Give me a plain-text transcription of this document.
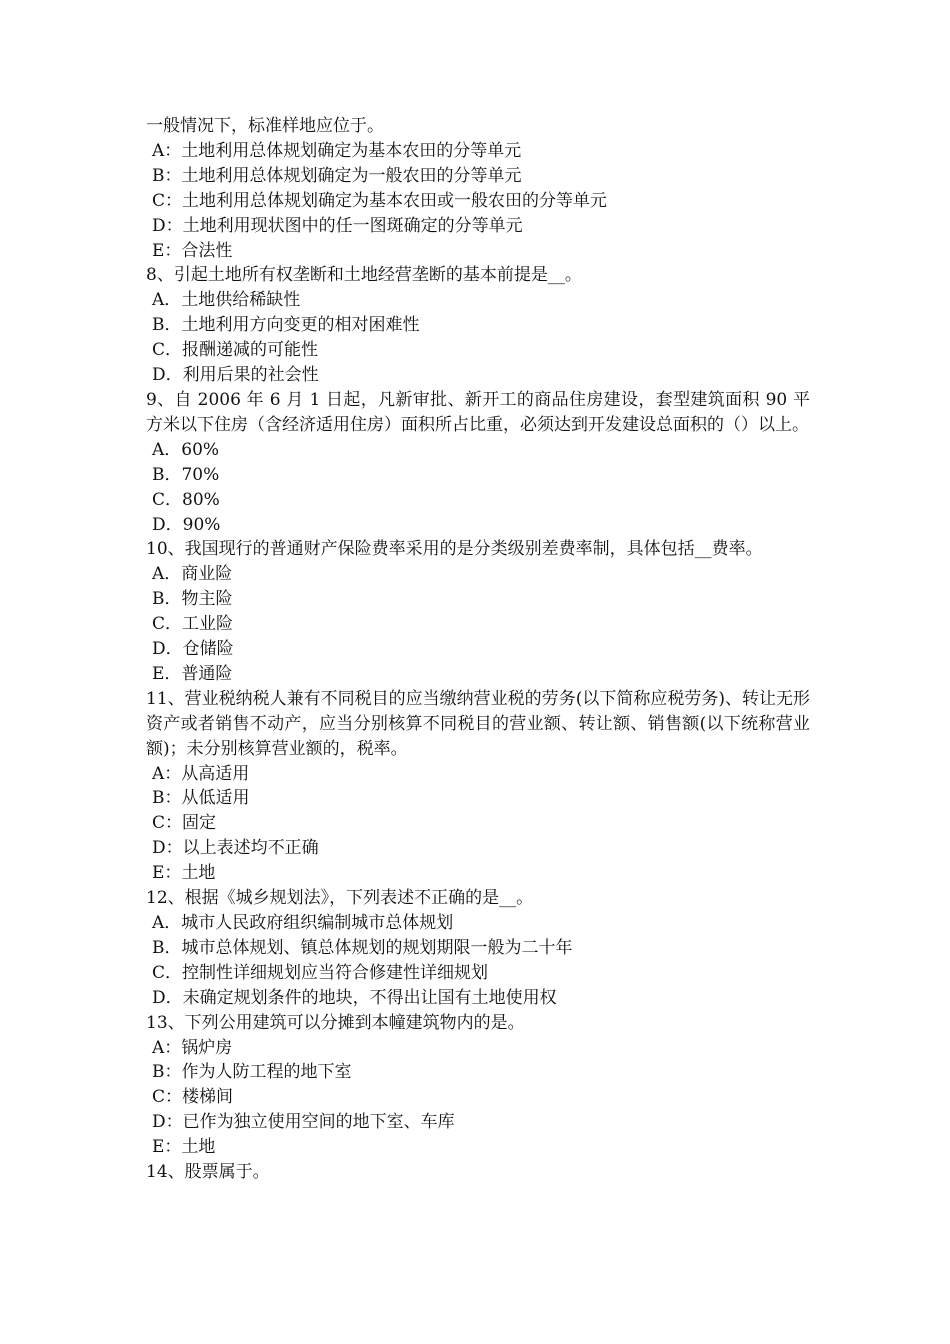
一般情况下，标准样地应位于。

A：土地利用总体规划确定为基本农田的分等单元

B：土地利用总体规划确定为一般农田的分等单元

C：土地利用总体规划确定为基本农田或一般农田的分等单元

D：土地利用现状图中的任一图斑确定的分等单元

E：合法性

8、引起土地所有权垄断和土地经营垄断的基本前提是__。

A．土地供给稀缺性

B．土地利用方向变更的相对困难性

C．报酬递减的可能性

D．利用后果的社会性

9、自 2006 年 6 月 1 日起，凡新审批、新开工的商品住房建设，套型建筑面积 90 平方米以下住房（含经济适用住房）面积所占比重，必须达到开发建设总面积的（）以上。

A．60%

B．70%

C．80%

D．90%

10、我国现行的普通财产保险费率采用的是分类级别差费率制，具体包括__费率。

A．商业险

B．物主险

C．工业险

D．仓储险

E．普通险

11、营业税纳税人兼有不同税目的应当缴纳营业税的劳务(以下简称应税劳务)、转让无形资产或者销售不动产，应当分别核算不同税目的营业额、转让额、销售额(以下统称营业额)；未分别核算营业额的，税率。

A：从高适用

B：从低适用

C：固定

D：以上表述均不正确

E：土地

12、根据《城乡规划法》，下列表述不正确的是__。

A．城市人民政府组织编制城市总体规划

B．城市总体规划、镇总体规划的规划期限一般为二十年

C．控制性详细规划应当符合修建性详细规划

D．未确定规划条件的地块，不得出让国有土地使用权

13、下列公用建筑可以分摊到本幢建筑物内的是。

A：锅炉房

B：作为人防工程的地下室

C：楼梯间

D：已作为独立使用空间的地下室、车库

E：土地

14、股票属于。
